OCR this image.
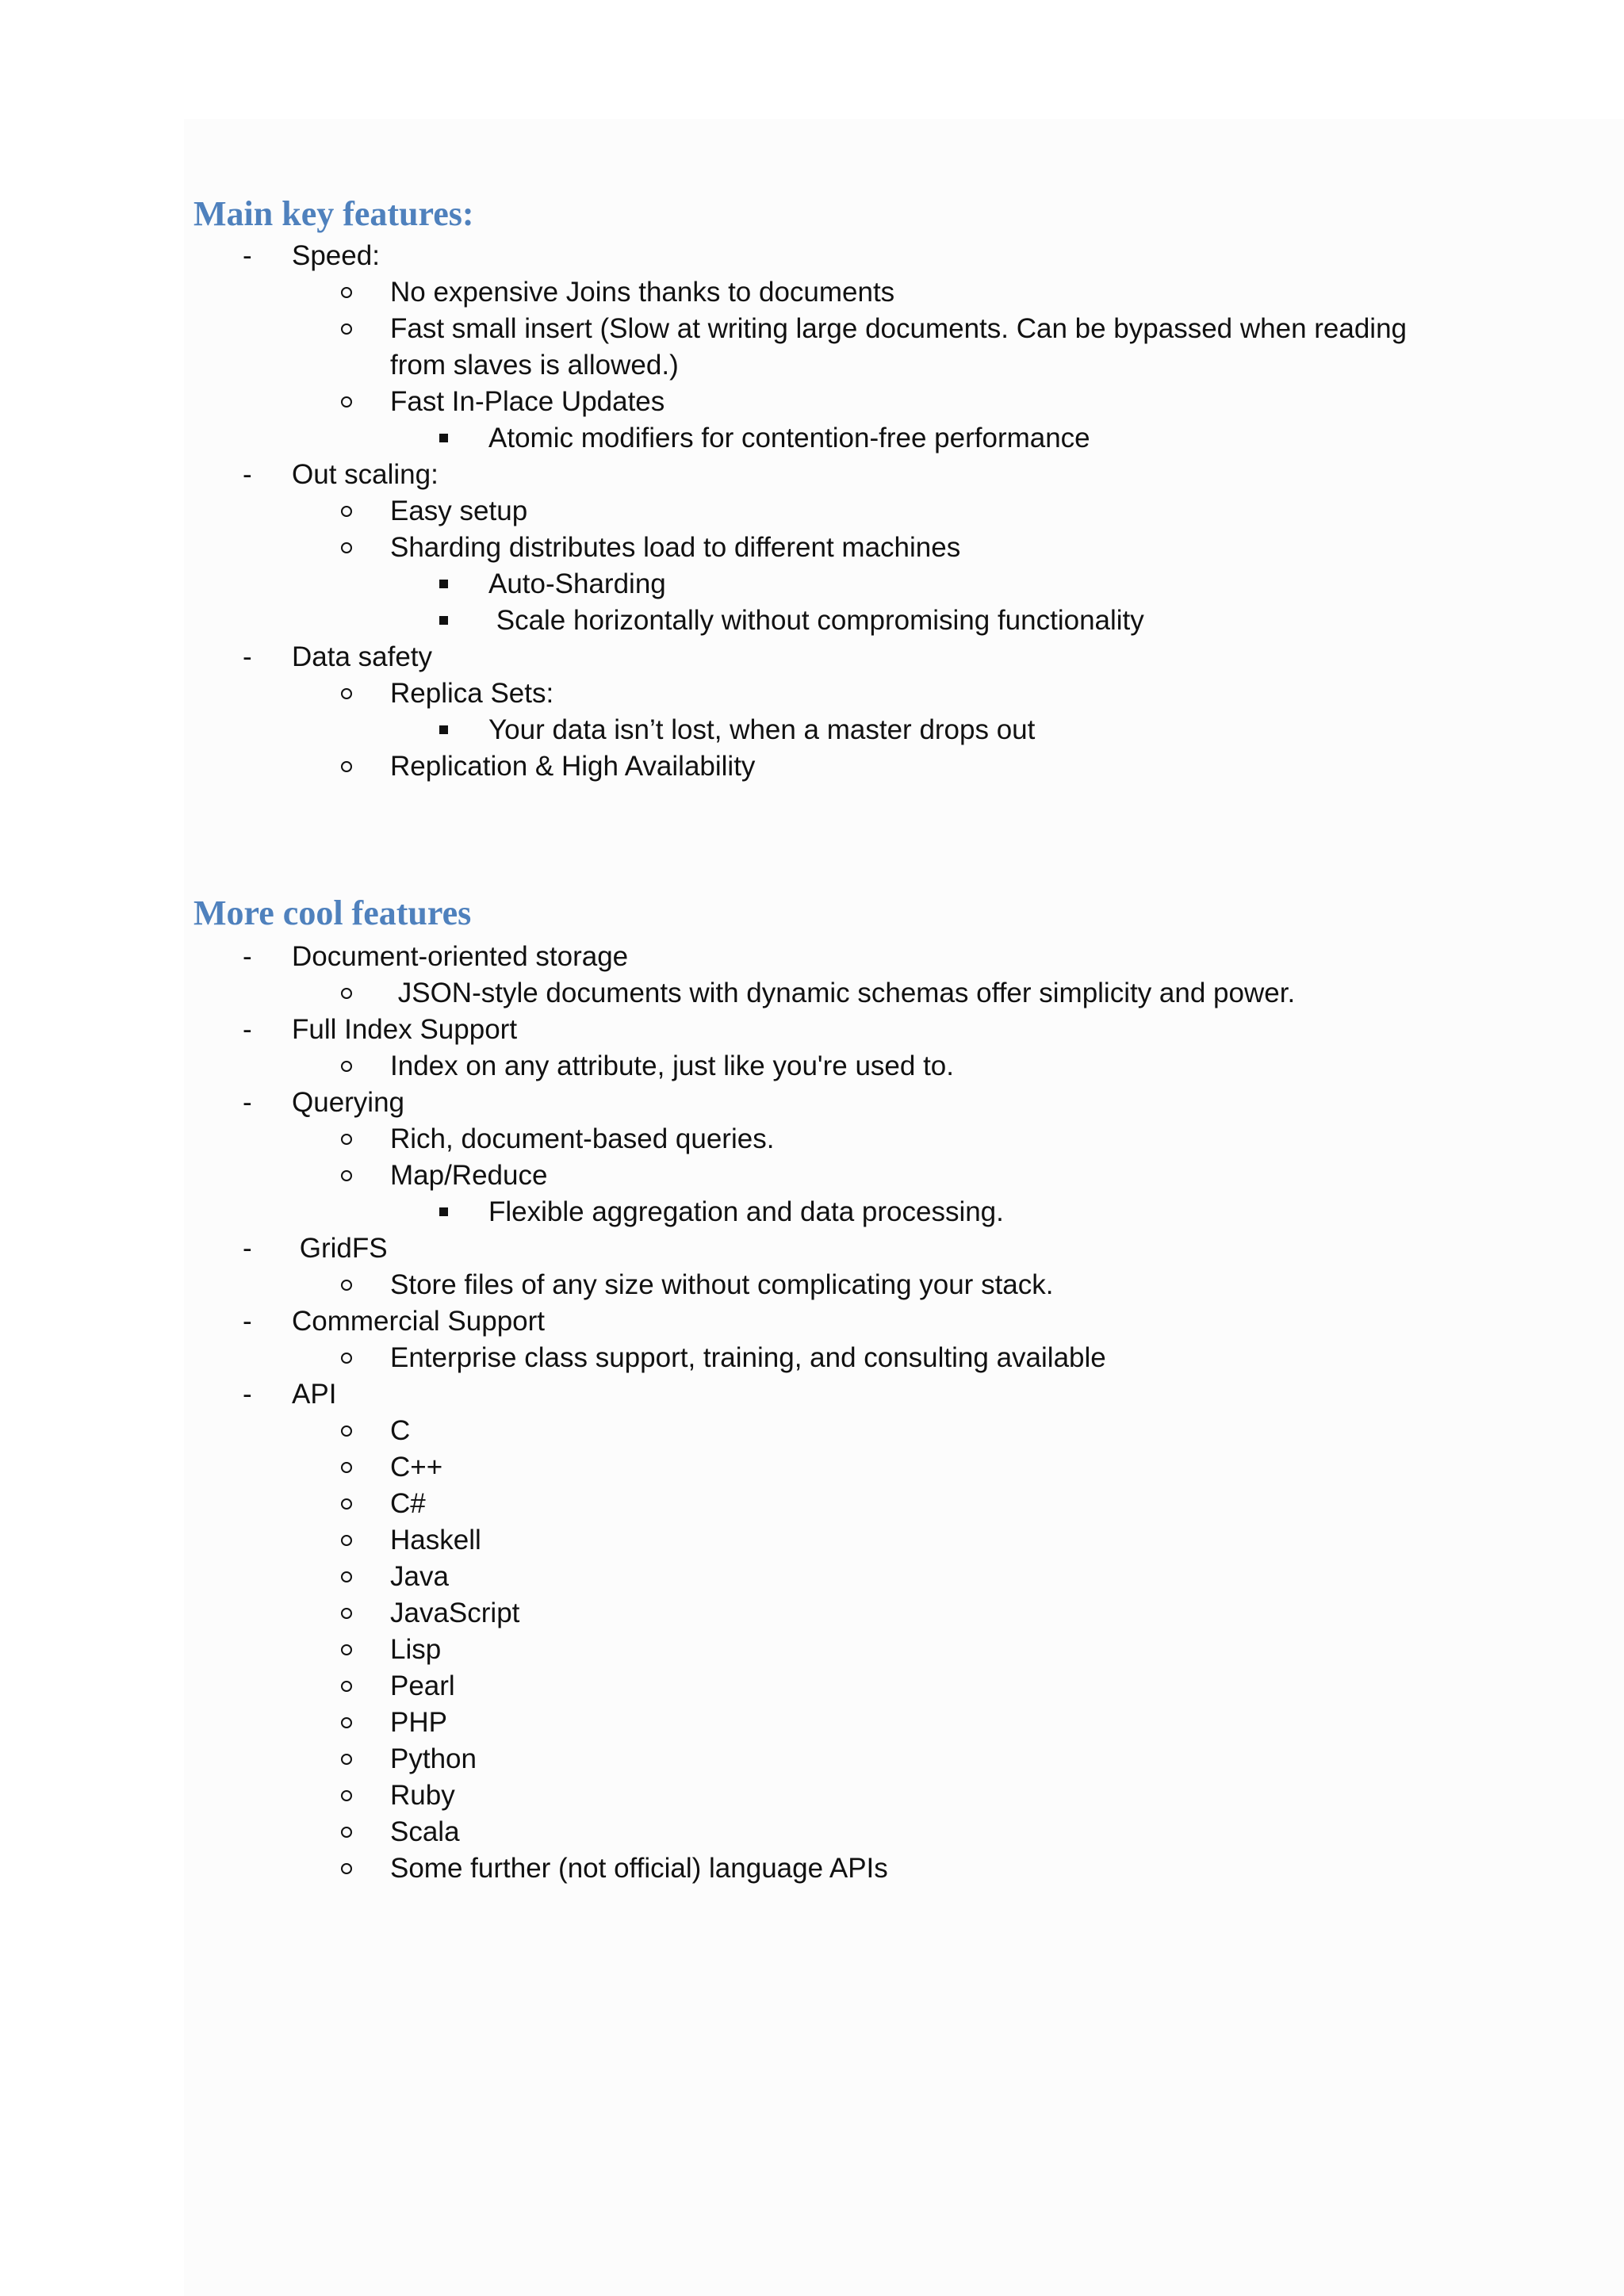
Main key features:
- Speed:
No expensive Joins thanks to documents
Fast small insert (Slow at writing large documents. Can be bypassed when reading from slaves is allowed.)
Fast In-Place Updates
Atomic modifiers for contention-free performance
- Out scaling:
Easy setup
Sharding distributes load to different machines
Auto-Sharding
Scale horizontally without compromising functionality
- Data safety
Replica Sets:
Your data isn’t lost, when a master drops out
Replication & High Availability
More cool features
- Document-oriented storage
JSON-style documents with dynamic schemas offer simplicity and power.
- Full Index Support
Index on any attribute, just like you're used to.
- Querying
Rich, document-based queries.
Map/Reduce
Flexible aggregation and data processing.
- GridFS
Store files of any size without complicating your stack.
- Commercial Support
Enterprise class support, training, and consulting available
- API
C
C++
C#
Haskell
Java
JavaScript
Lisp
Pearl
PHP
Python
Ruby
Scala
Some further (not official) language APIs
